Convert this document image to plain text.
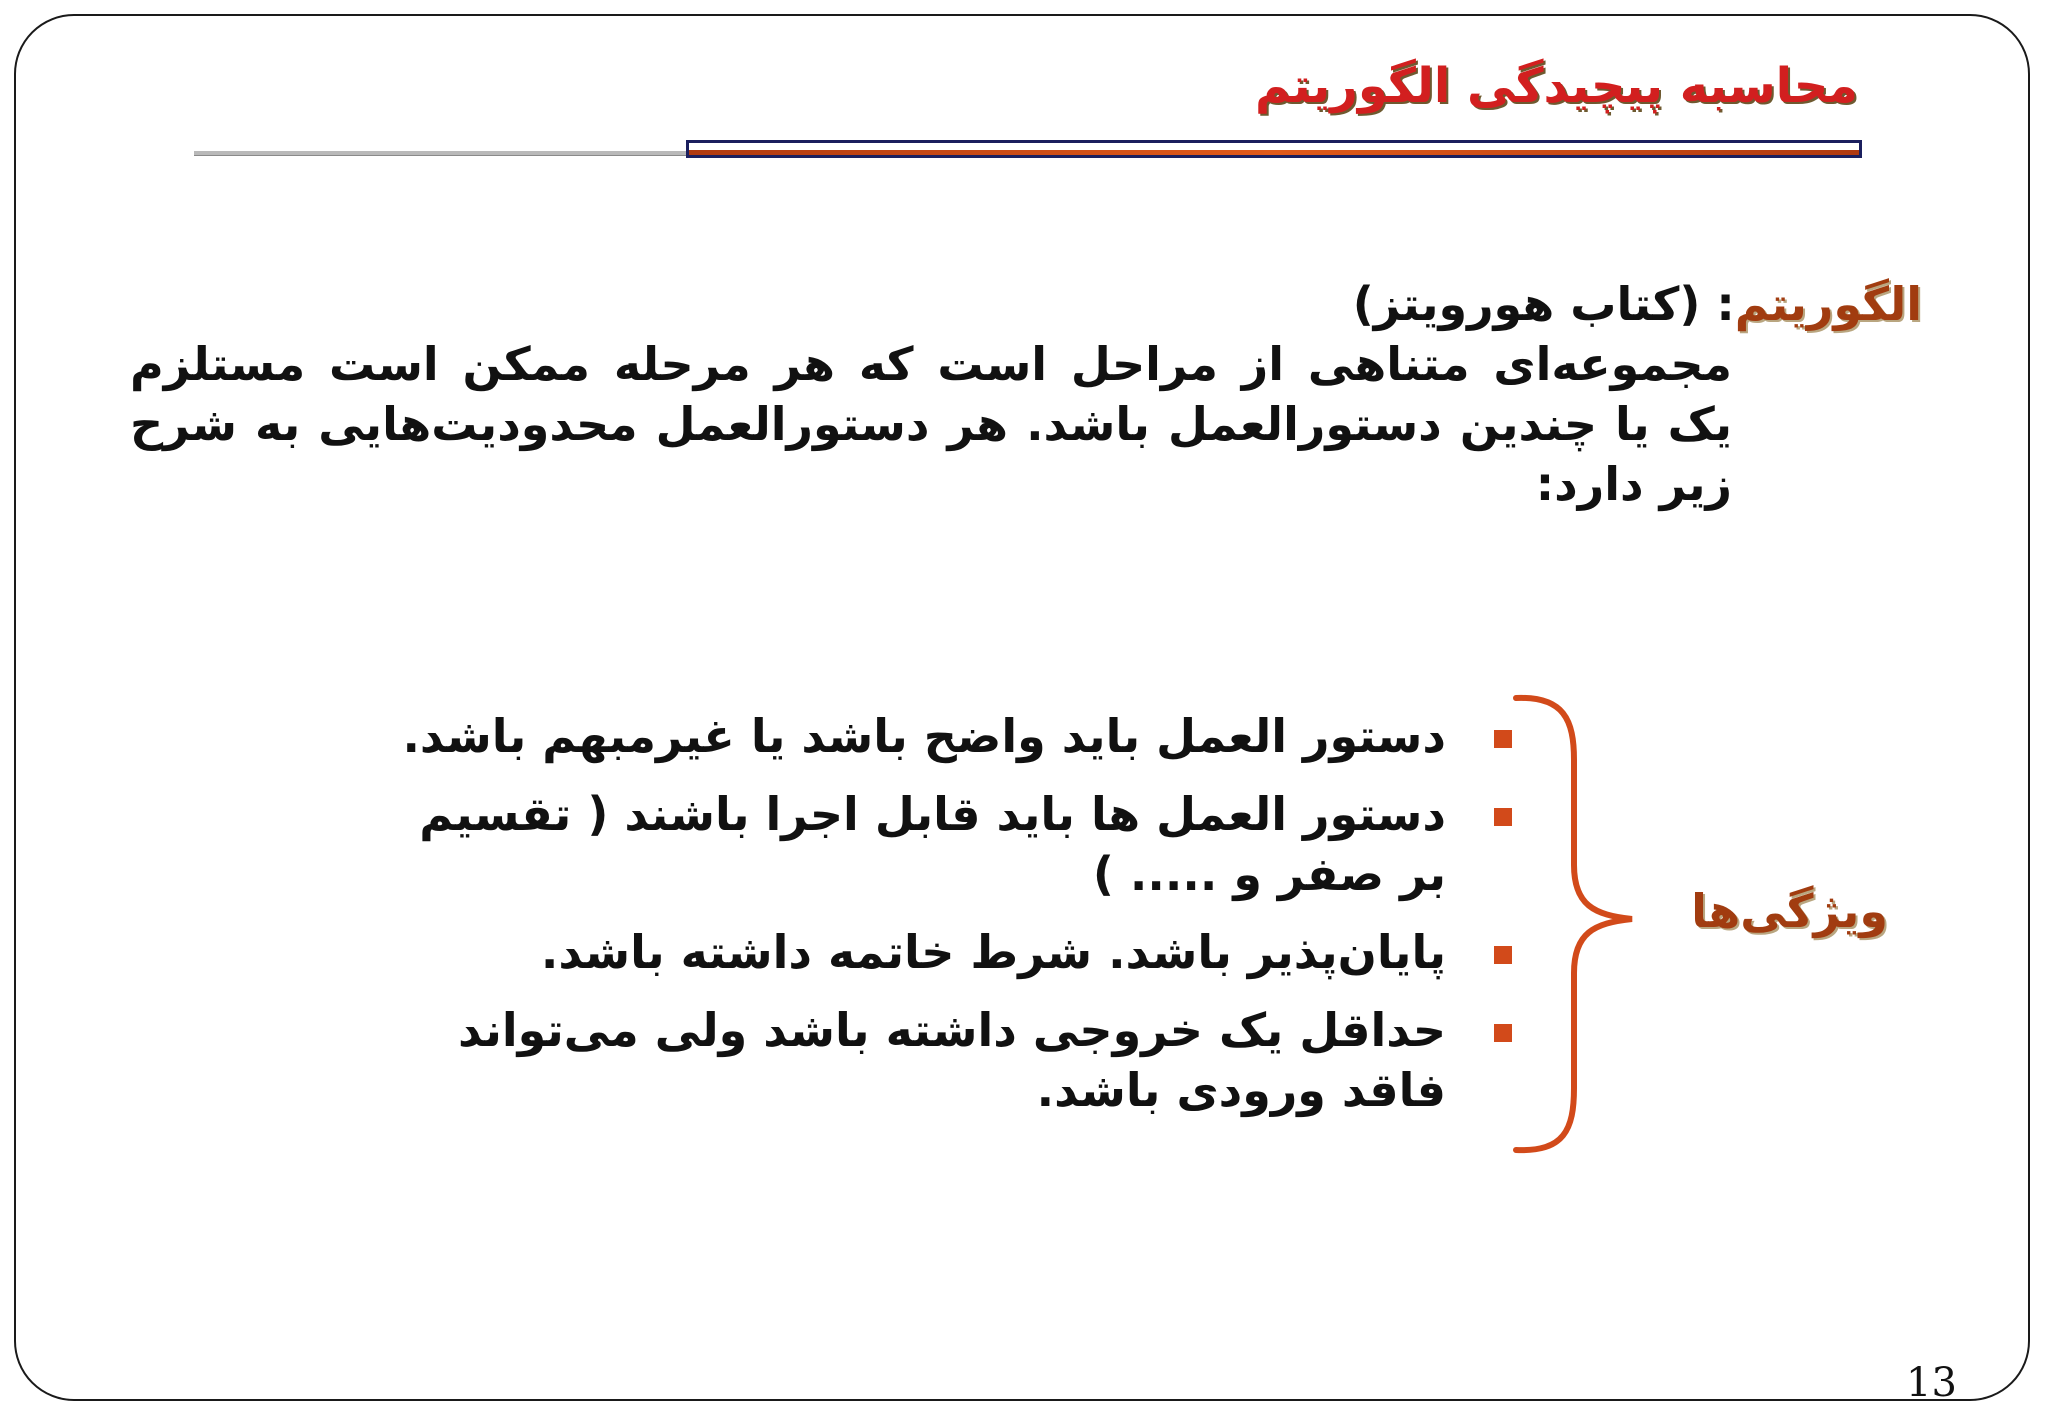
محاسبه پیچیدگی الگوریتم
الگوریتم: (کتاب هورویتز)
مجموعه‌ای متناهی از مراحل است که هر مرحله ممکن است مستلزم یک یا چندین دستورالعمل باشد. هر دستورالعمل محدودیت‌هایی به شرح زیر دارد:
ویژگی‌ها
دستور العمل باید واضح باشد یا غیرمبهم باشد.
دستور العمل ها باید قابل اجرا باشند ( تقسیم بر صفر و ..... )
پایان‌پذیر باشد. شرط خاتمه داشته باشد.
حداقل یک خروجی داشته باشد ولی می‌تواند فاقد ورودی باشد.
13
